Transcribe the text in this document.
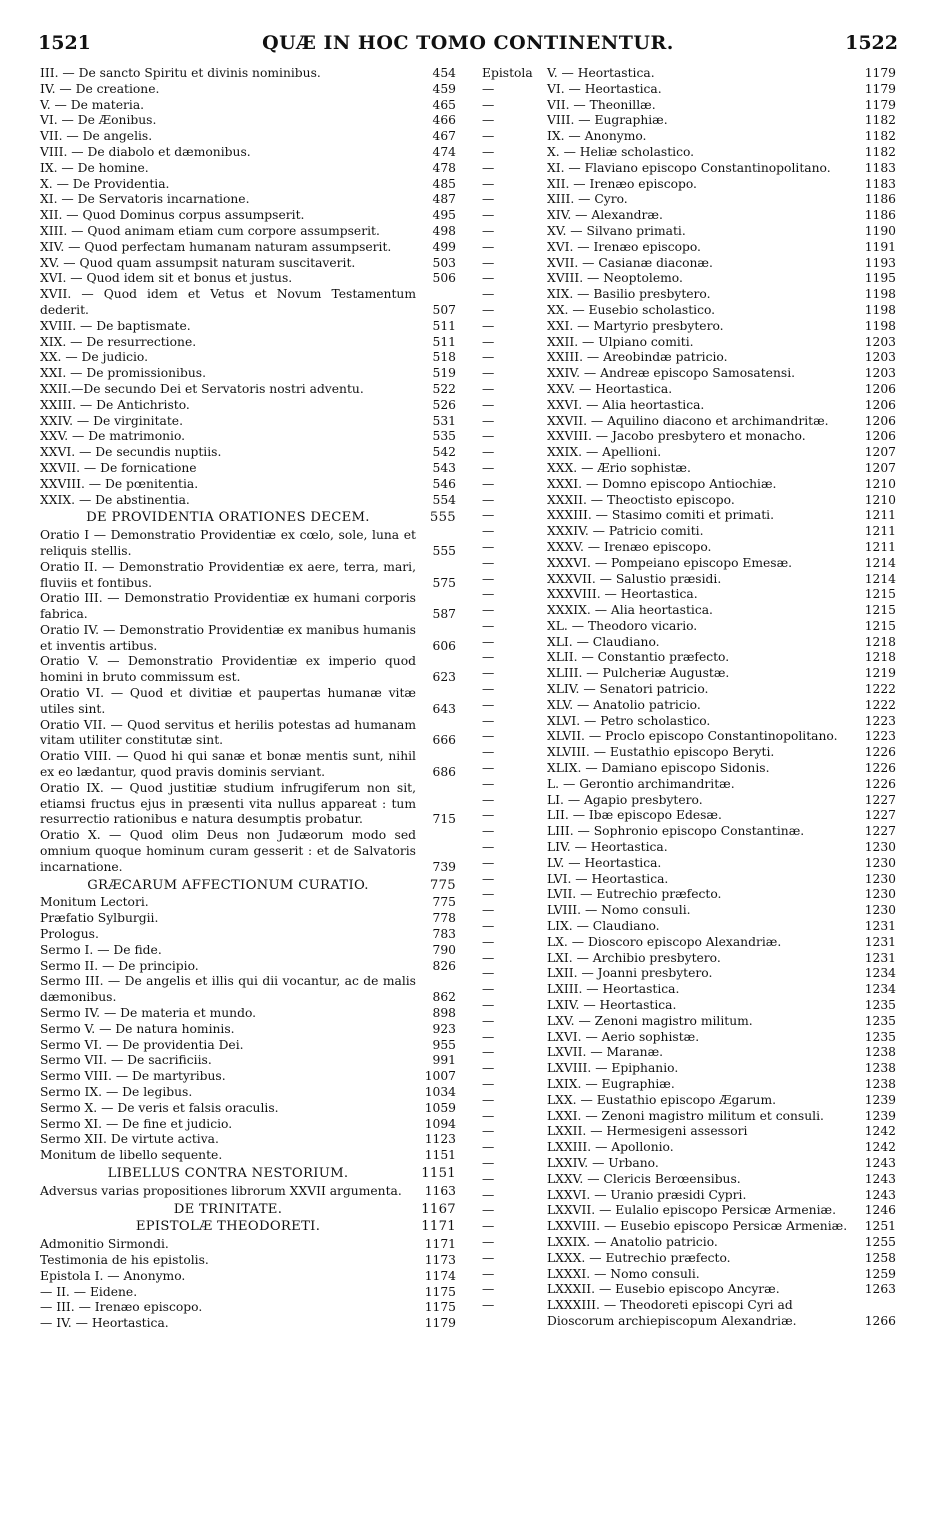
1521	QUÆ IN HOC TOMO CONTINENTUR.	1522
III. — De sancto Spiritu et divinis nominibus.	454
IV. — De creatione.	459
V. — De materia.	465
VI. — De Æonibus.	466
VII. — De angelis.	467
VIII. — De diabolo et dæmonibus.	474
IX. — De homine.	478
X. — De Providentia.	485
XI. — De Servatoris incarnatione.	487
XII. — Quod Dominus corpus assumpserit.	495
XIII. — Quod animam etiam cum corpore assumpserit.	498
XIV. — Quod perfectam humanam naturam assumpserit.	499
XV. — Quod quam assumpsit naturam suscitaverit.	503
XVI. — Quod idem sit et bonus et justus.	506
XVII. — Quod idem et Vetus et Novum Testamentum dederit.	507
XVIII. — De baptismate.	511
XIX. — De resurrectione.	511
XX. — De judicio.	518
XXI. — De promissionibus.	519
XXII.—De secundo Dei et Servatoris nostri adventu.	522
XXIII. — De Antichristo.	526
XXIV. — De virginitate.	531
XXV. — De matrimonio.	535
XXVI. — De secundis nuptiis.	542
XXVII. — De fornicatione	543
XXVIII. — De pœnitentia.	546
XXIX. — De abstinentia.	554
DE PROVIDENTIA ORATIONES DECEM.	555
Oratio I — Demonstratio Providentiæ ex cœlo, sole, luna et reliquis stellis.	555
Oratio II. — Demonstratio Providentiæ ex aere, terra, mari, fluviis et fontibus.	575
Oratio III. — Demonstratio Providentiæ ex humani corporis fabrica.	587
Oratio IV. — Demonstratio Providentiæ ex manibus humanis et inventis artibus.	606
Oratio V. — Demonstratio Providentiæ ex imperio quod homini in bruto commissum est.	623
Oratio VI. — Quod et divitiæ et paupertas humanæ vitæ utiles sint.	643
Oratio VII. — Quod servitus et herilis potestas ad humanam vitam utiliter constitutæ sint.	666
Oratio VIII. — Quod hi qui sanæ et bonæ mentis sunt, nihil ex eo lædantur, quod pravis dominis serviant.	686
Oratio IX. — Quod justitiæ studium infrugiferum non sit, etiamsi fructus ejus in præsenti vita nullus appareat : tum resurrectio rationibus e natura desumptis probatur.	715
Oratio X. — Quod olim Deus non Judæorum modo sed omnium quoque hominum curam gesserit : et de Salvatoris incarnatione.	739
GRÆCARUM AFFECTIONUM CURATIO.	775
Monitum Lectori.	775
Præfatio Sylburgii.	778
Prologus.	783
Sermo I. — De fide.	790
Sermo II. — De principio.	826
Sermo III. — De angelis et illis qui dii vocantur, ac de malis dæmonibus.	862
Sermo IV. — De materia et mundo.	898
Sermo V. — De natura hominis.	923
Sermo VI. — De providentia Dei.	955
Sermo VII. — De sacrificiis.	991
Sermo VIII. — De martyribus.	1007
Sermo IX. — De legibus.	1034
Sermo X. — De veris et falsis oraculis.	1059
Sermo XI. — De fine et judicio.	1094
Sermo XII. De virtute activa.	1123
Monitum de libello sequente.	1151
LIBELLUS CONTRA NESTORIUM.	1151
Adversus varias propositiones librorum XXVII argumenta. 1163
DE TRINITATE.	1167
EPISTOLÆ THEODORETI.	1171
Admonitio Sirmondi.	1171
Testimonia de his epistolis.	1173
Epistola I. — Anonymo.	1174
— II. — Eidene.	1175
— III. — Irenæo episcopo.	1175
— IV. — Heortastica.	1179
Epistola	V. — Heortastica.	1179
—	VI. — Heortastica.	1179
—	VII. — Theonillæ.	1179
—	VIII. — Eugraphiæ.	1182
—	IX. — Anonymo.	1182
—	X. — Heliæ scholastico.	1182
—	XI. — Flaviano episcopo Constantinopolitano.	1183
—	XII. — Irenæo episcopo.	1183
—	XIII. — Cyro.	1186
—	XIV. — Alexandræ.	1186
—	XV. — Silvano primati.	1190
—	XVI. — Irenæo episcopo.	1191
—	XVII. — Casianæ diaconæ.	1193
—	XVIII. — Neoptolemo.	1195
—	XIX. — Basilio presbytero.	1198
—	XX. — Eusebio scholastico.	1198
—	XXI. — Martyrio presbytero.	1198
—	XXII. — Ulpiano comiti.	1203
—	XXIII. — Areobindæ patricio.	1203
—	XXIV. — Andreæ episcopo Samosatensi.	1203
—	XXV. — Heortastica.	1206
—	XXVI. — Alia heortastica.	1206
—	XXVII. — Aquilino diacono et archimandritæ.	1206
—	XXVIII. — Jacobo presbytero et monacho.	1206
—	XXIX. — Apellioni.	1207
—	XXX. — Ærio sophistæ.	1207
—	XXXI. — Domno episcopo Antiochiæ.	1210
—	XXXII. — Theoctisto episcopo.	1210
—	XXXIII. — Stasimo comiti et primati.	1211
—	XXXIV. — Patricio comiti.	1211
—	XXXV. — Irenæo episcopo.	1211
—	XXXVI. — Pompeiano episcopo Emesæ.	1214
—	XXXVII. — Salustio præsidi.	1214
—	XXXVIII. — Heortastica.	1215
—	XXXIX. — Alia heortastica.	1215
—	XL. — Theodoro vicario.	1215
—	XLI. — Claudiano.	1218
—	XLII. — Constantio præfecto.	1218
—	XLIII. — Pulcheriæ Augustæ.	1219
—	XLIV. — Senatori patricio.	1222
—	XLV. — Anatolio patricio.	1222
—	XLVI. — Petro scholastico.	1223
—	XLVII. — Proclo episcopo Constantinopolitano. 1223
—	XLVIII. — Eustathio episcopo Beryti.	1226
—	XLIX. — Damiano episcopo Sidonis.	1226
—	L. — Gerontio archimandritæ.	1226
—	LI. — Agapio presbytero.	1227
—	LII. — Ibæ episcopo Edesæ.	1227
—	LIII. — Sophronio episcopo Constantinæ.	1227
—	LIV. — Heortastica.	1230
—	LV. — Heortastica.	1230
—	LVI. — Heortastica.	1230
—	LVII. — Eutrechio præfecto.	1230
—	LVIII. — Nomo consuli.	1230
—	LIX. — Claudiano.	1231
—	LX. — Dioscoro episcopo Alexandriæ.	1231
—	LXI. — Archibio presbytero.	1231
—	LXII. — Joanni presbytero.	1234
—	LXIII. — Heortastica.	1234
—	LXIV. — Heortastica.	1235
—	LXV. — Zenoni magistro militum.	1235
—	LXVI. — Aerio sophistæ.	1235
—	LXVII. — Maranæ.	1238
—	LXVIII. — Epiphanio.	1238
—	LXIX. — Eugraphiæ.	1238
—	LXX. — Eustathio episcopo Ægarum.	1239
—	LXXI. — Zenoni magistro militum et consuli.	1239
—	LXXII. — Hermesigeni assessori	1242
—	LXXIII. — Apollonio.	1242
—	LXXIV. — Urbano.	1243
—	LXXV. — Clericis Berœensibus.	1243
—	LXXVI. — Uranio præsidi Cypri.	1243
—	LXXVII. — Eulalio episcopo Persicæ Armeniæ. 1246
—	LXXVIII. — Eusebio episcopo Persicæ Armeniæ. 1251
—	LXXIX. — Anatolio patricio.	1255
—	LXXX. — Eutrechio præfecto.	1258
—	LXXXI. — Nomo consuli.	1259
—	LXXXII. — Eusebio episcopo Ancyræ.	1263
—	LXXXIII. — Theodoreti episcopi Cyri ad Dioscorum archiepiscopum Alexandriæ.	1266
